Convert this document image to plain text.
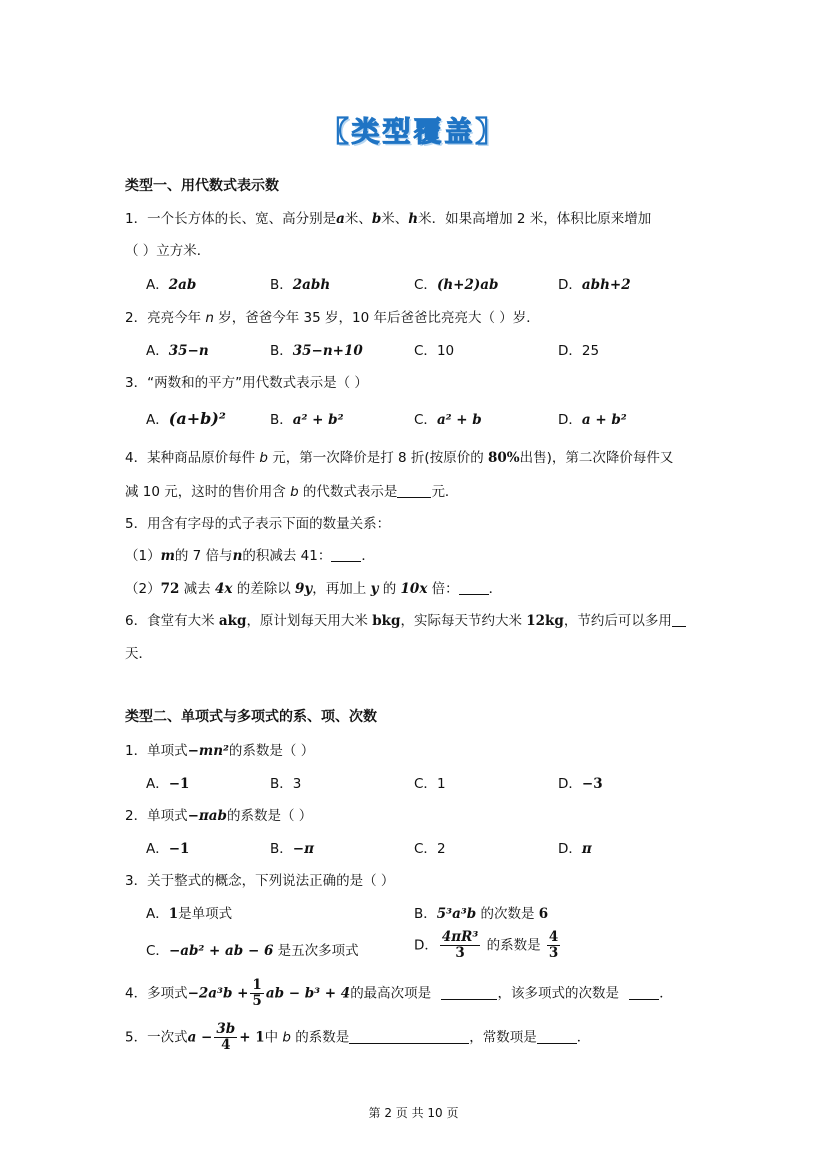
【类型覆盖】
类型一、用代数式表示数
1．一个长方体的长、宽、高分别是a米、b米、h米．如果高增加 2 米，体积比原来增加
（ ）立方米．
A．2ab	B．2abh	C．(h+2)ab	D．abh+2
2．亮亮今年 n 岁，爸爸今年 35 岁，10 年后爸爸比亮亮大（ ）岁．
A．35−n	B．35−n+10	C．10	D．25
3．“两数和的平方”用代数式表示是（ ）
A．(a+b)²	B．a² + b²	C．a² + b	D．a + b²
4．某种商品原价每件 b 元，第一次降价是打 8 折(按原价的 80%出售)，第二次降价每件又
减 10 元，这时的售价用含 b 的代数式表示是	元．
5．用含有字母的式子表示下面的数量关系：
（1）m的 7 倍与n的积减去 41： ．
（2）72 减去 4x 的差除以 9y，再加上 y 的 10x 倍： ．
6．食堂有大米 akg，原计划每天用大米 bkg，实际每天节约大米 12kg，节约后可以多用
天．
类型二、单项式与多项式的系、项、次数
1．单项式−mn²的系数是（ ）
A．−1	B．3	C．1	D．−3
2．单项式−πab的系数是（ ）
A．−1	B．−π	C．2	D．π
3．关于整式的概念，下列说法正确的是（ ）
A．1是单项式	B．5³a³b 的次数是 6
C．−ab² + ab − 6 是五次多项式	D． $\frac{\text{4πR³}}{3}$ 的系数是 $\frac{4}{3}$
4．多项式$-2a^3b + \frac{1}{5}$ ab − b³ + 4的最高次项是	，该多项式的次数是	．
5．一次式$a - \frac{3b}{4} + 1$中 b 的系数是	，常数项是	．
第 2 页 共 10 页
